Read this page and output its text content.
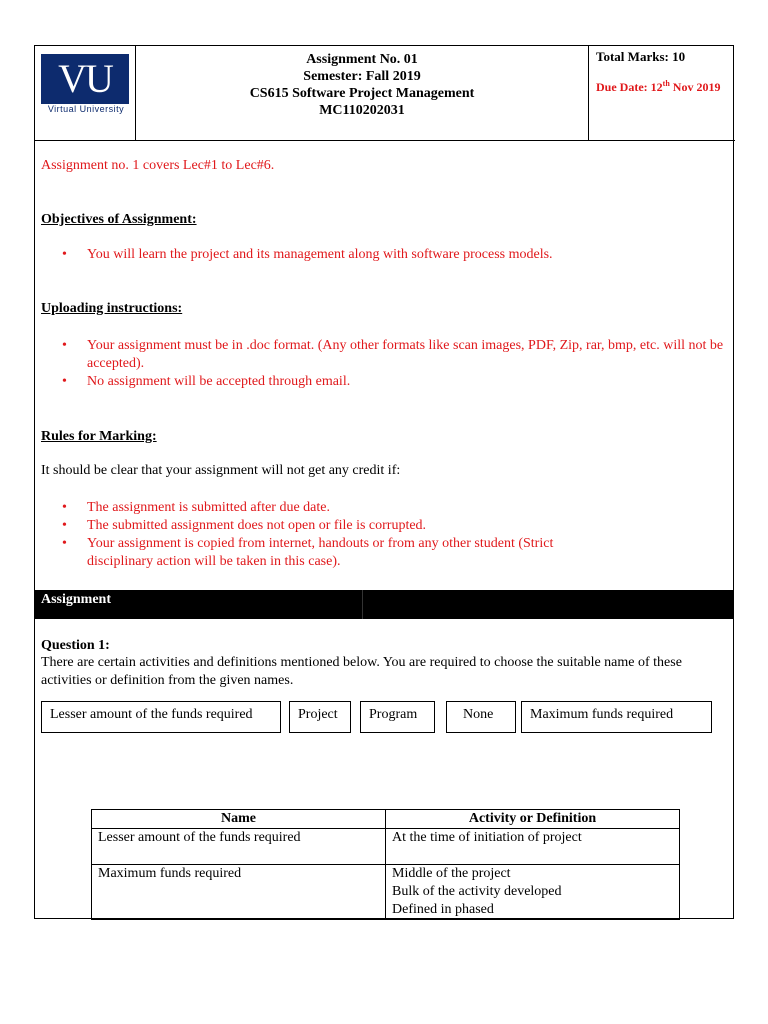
VU
Virtual University
Assignment No. 01
Semester: Fall 2019
CS615 Software Project Management
MC110202031
Total Marks: 10
Due Date: 12th Nov 2019
Assignment no. 1 covers Lec#1 to Lec#6.
Objectives of Assignment:
• You will learn the project and its management along with software process models.
Uploading instructions:
• Your assignment must be in .doc format. (Any other formats like scan images, PDF, Zip, rar, bmp, etc. will not be accepted).
• No assignment will be accepted through email.
Rules for Marking:
It should be clear that your assignment will not get any credit if:
• The assignment is submitted after due date.
• The submitted assignment does not open or file is corrupted.
• Your assignment is copied from internet, handouts or from any other student (Strict disciplinary action will be taken in this case).
Assignment
Question 1:
There are certain activities and definitions mentioned below. You are required to choose the suitable name of these activities or definition from the given names.
Lesser amount of the funds required	Project	Program	None	Maximum funds required
Name	Activity or Definition
Lesser amount of the funds required	At the time of initiation of project

Maximum funds required	Middle of the project
Bulk of the activity developed
Defined in phased
